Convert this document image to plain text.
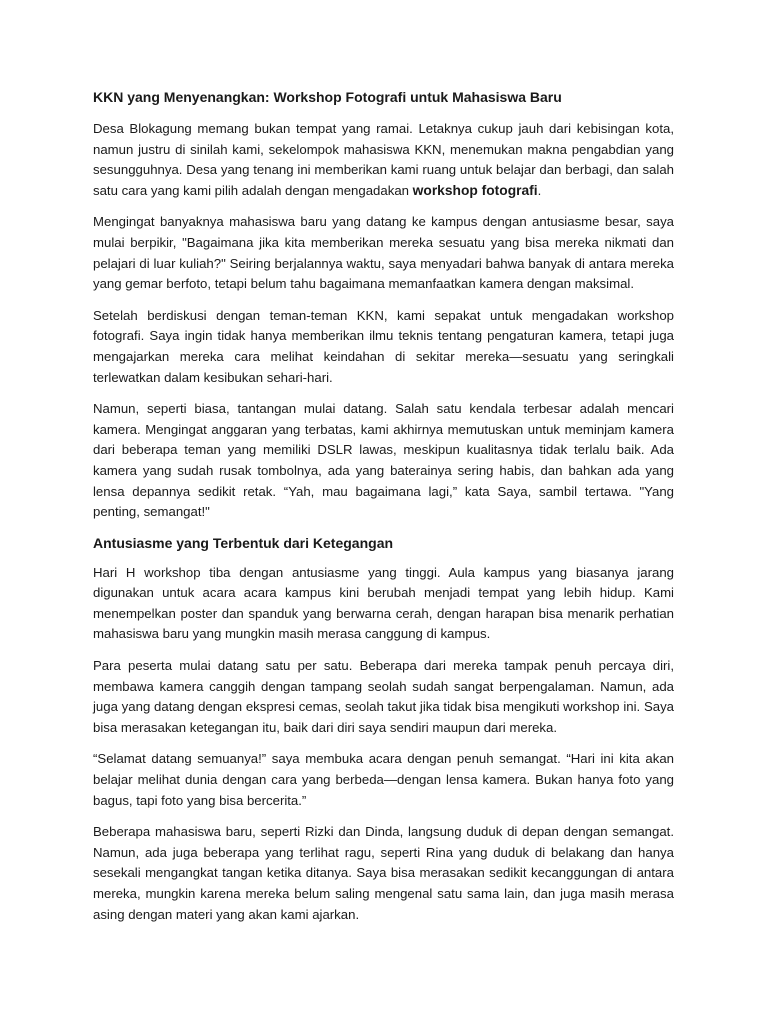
KKN yang Menyenangkan: Workshop Fotografi untuk Mahasiswa Baru

Desa Blokagung memang bukan tempat yang ramai. Letaknya cukup jauh dari kebisingan kota, namun justru di sinilah kami, sekelompok mahasiswa KKN, menemukan makna pengabdian yang sesungguhnya. Desa yang tenang ini memberikan kami ruang untuk belajar dan berbagi, dan salah satu cara yang kami pilih adalah dengan mengadakan workshop fotografi.

Mengingat banyaknya mahasiswa baru yang datang ke kampus dengan antusiasme besar, saya mulai berpikir, "Bagaimana jika kita memberikan mereka sesuatu yang bisa mereka nikmati dan pelajari di luar kuliah?" Seiring berjalannya waktu, saya menyadari bahwa banyak di antara mereka yang gemar berfoto, tetapi belum tahu bagaimana memanfaatkan kamera dengan maksimal.

Setelah berdiskusi dengan teman-teman KKN, kami sepakat untuk mengadakan workshop fotografi. Saya ingin tidak hanya memberikan ilmu teknis tentang pengaturan kamera, tetapi juga mengajarkan mereka cara melihat keindahan di sekitar mereka—sesuatu yang seringkali terlewatkan dalam kesibukan sehari-hari.

Namun, seperti biasa, tantangan mulai datang. Salah satu kendala terbesar adalah mencari kamera. Mengingat anggaran yang terbatas, kami akhirnya memutuskan untuk meminjam kamera dari beberapa teman yang memiliki DSLR lawas, meskipun kualitasnya tidak terlalu baik. Ada kamera yang sudah rusak tombolnya, ada yang baterainya sering habis, dan bahkan ada yang lensa depannya sedikit retak. “Yah, mau bagaimana lagi,” kata Saya, sambil tertawa. "Yang penting, semangat!"

Antusiasme yang Terbentuk dari Ketegangan

Hari H workshop tiba dengan antusiasme yang tinggi. Aula kampus yang biasanya jarang digunakan untuk acara acara kampus kini berubah menjadi tempat yang lebih hidup. Kami menempelkan poster dan spanduk yang berwarna cerah, dengan harapan bisa menarik perhatian mahasiswa baru yang mungkin masih merasa canggung di kampus.

Para peserta mulai datang satu per satu. Beberapa dari mereka tampak penuh percaya diri, membawa kamera canggih dengan tampang seolah sudah sangat berpengalaman. Namun, ada juga yang datang dengan ekspresi cemas, seolah takut jika tidak bisa mengikuti workshop ini. Saya bisa merasakan ketegangan itu, baik dari diri saya sendiri maupun dari mereka.

“Selamat datang semuanya!” saya membuka acara dengan penuh semangat. “Hari ini kita akan belajar melihat dunia dengan cara yang berbeda—dengan lensa kamera. Bukan hanya foto yang bagus, tapi foto yang bisa bercerita.”

Beberapa mahasiswa baru, seperti Rizki dan Dinda, langsung duduk di depan dengan semangat. Namun, ada juga beberapa yang terlihat ragu, seperti Rina yang duduk di belakang dan hanya sesekali mengangkat tangan ketika ditanya. Saya bisa merasakan sedikit kecanggungan di antara mereka, mungkin karena mereka belum saling mengenal satu sama lain, dan juga masih merasa asing dengan materi yang akan kami ajarkan.
